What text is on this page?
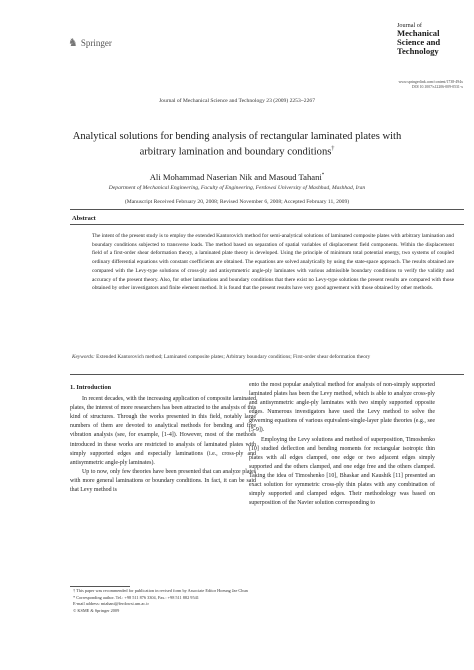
♞ Springer
Journal of
Mechanical Science and Technology
www.springerlink.com/content/1738-494x
DOI 10.1007/s12206-009-0531-x
Journal of Mechanical Science and Technology 23 (2009) 2253~2267
Analytical solutions for bending analysis of rectangular laminated plates with arbitrary lamination and boundary conditions†
Ali Mohammad Naserian Nik and Masoud Tahani*
Department of Mechanical Engineering, Faculty of Engineering, Ferdowsi University of Mashhad, Mashhad, Iran
(Manuscript Received February 20, 2008; Revised November 6, 2008; Accepted February 11, 2009)
Abstract
The intent of the present study is to employ the extended Kantorovich method for semi-analytical solutions of laminated composite plates with arbitrary lamination and boundary conditions subjected to transverse loads. The method based on separation of spatial variables of displacement field components. Within the displacement field of a first-order shear deformation theory, a laminated plate theory is developed. Using the principle of minimum total potential energy, two systems of coupled ordinary differential equations with constant coefficients are obtained. The equations are solved analytically by using the state-space approach. The results obtained are compared with the Levy-type solutions of cross-ply and antisymmetric angle-ply laminates with various admissible boundary conditions to verify the validity and accuracy of the present theory. Also, for other laminations and boundary conditions that there exist no Levy-type solutions the present results are compared with those obtained by other investigators and finite element method. It is found that the present results have very good agreement with those obtained by other methods.
Keywords: Extended Kantorovich method; Laminated composite plates; Arbitrary boundary conditions; First-order shear deformation theory

1. Introduction

In recent decades, with the increasing application of composite laminated plates, the interest of more researchers has been attracted to the analysis of this kind of structures. Through the works presented in this field, notably large numbers of them are devoted to analytical methods for bending and free vibration analysis (see, for example, [1-4]). However, most of the methods introduced in these works are restricted to analysis of laminated plates with simply supported edges and especially laminations (i.e., cross-ply and antisymmetric angle-ply laminates).

Up to now, only few theories have been presented that can analyze plates with more general laminations or boundary conditions. In fact, it can be said that Levy method is

ento the most popular analytical method for analysis of non-simply supported laminated plates has been the Levy method, which is able to analyze cross-ply and antisymmetric angle-ply laminates with two simply supported opposite edges. Numerous investigators have used the Levy method to solve the governing equations of various equivalent-single-layer plate theories (e.g., see [5-9]).

Employing the Levy solutions and method of superposition, Timoshenko [10] studied deflection and bending moments for rectangular isotropic thin plates with all edges clamped, one edge or two adjacent edges simply supported and the others clamped, and one edge free and the others clamped. Taking the idea of Timoshenko [10], Bhaskar and Kaushik [11] presented an exact solution for symmetric cross-ply thin plates with any combination of simply supported and clamped edges. Their methodology was based on superposition of the Navier solution corresponding to

† This paper was recommended for publication in revised form by Associate Editor Hoeung Jae Chun
* Corresponding author. Tel.: +98 511 876 3304, Fax.: +98 511 882 9541
E-mail address: mtahani@ferdowsi.um.ac.ir
© KSME & Springer 2009
